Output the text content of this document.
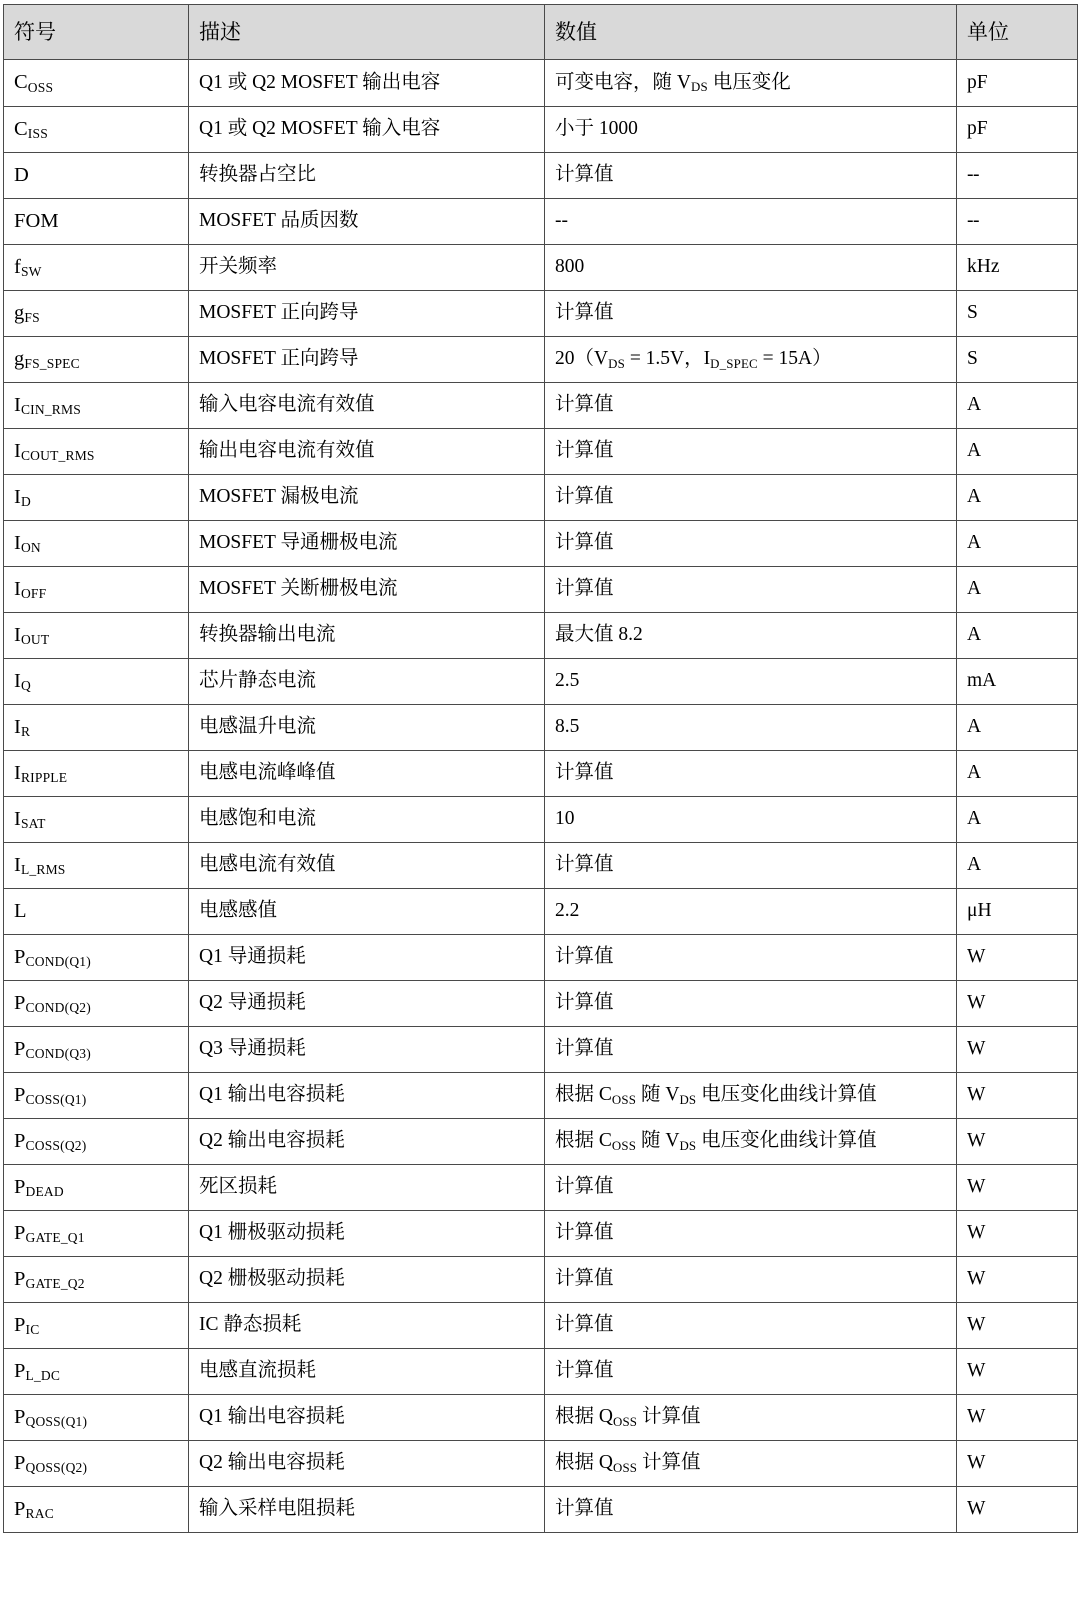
符号	描述	数值	单位
$C_{OSS}$	Q1 或 Q2 MOSFET 输出电容	可变电容，随 $V_{DS}$ 电压变化	pF
$C_{ISS}$	Q1 或 Q2 MOSFET 输入电容	小于 1000	pF
D	转换器占空比	计算值	--
FOM	MOSFET 品质因数	--	--
$f_{SW}$	开关频率	800	kHz
$g_{FS}$	MOSFET 正向跨导	计算值	S
$g_{FS\_SPEC}$	MOSFET 正向跨导	$20(V_{DS} = 1.5V$，$I_{D\_SPEC} = 15A$）	S
$I_{CIN\_RMS}$	输入电容电流有效值	计算值	A
$I_{COUT\_RMS}$	输出电容电流有效值	计算值	A
$I_D$	MOSFET 漏极电流	计算值	A
$I_{ON}$	MOSFET 导通栅极电流	计算值	A
$I_{OFF}$	MOSFET 关断栅极电流	计算值	A
$I_{OUT}$	转换器输出电流	最大值 8.2	A
$I_Q$	芯片静态电流	2.5	mA
$I_R$	电感温升电流	8.5	A
$I_{RIPPLE}$	电感电流峰峰值	计算值	A
$I_{SAT}$	电感饱和电流	10	A
$I_{L\_RMS}$	电感电流有效值	计算值	A
L	电感感值	2.2	μH
$P_{COND(Q1)}$	Q1 导通损耗	计算值	W
$P_{COND(Q2)}$	Q2 导通损耗	计算值	W
$P_{COND(Q3)}$	Q3 导通损耗	计算值	W
$P_{COSS(Q1)}$	Q1 输出电容损耗	根据 $C_{OSS}$ 随 $V_{DS}$ 电压变化曲线计算值	W
$P_{COSS(Q2)}$	Q2 输出电容损耗	根据 $C_{OSS}$ 随 $V_{DS}$ 电压变化曲线计算值	W
$P_{DEAD}$	死区损耗	计算值	W
$P_{GATE\_Q1}$	Q1 栅极驱动损耗	计算值	W
$P_{GATE\_Q2}$	Q2 栅极驱动损耗	计算值	W
$P_{IC}$	IC 静态损耗	计算值	W
$P_{L\_DC}$	电感直流损耗	计算值	W
$P_{QOSS(Q1)}$	Q1 输出电容损耗	根据 $Q_{OSS}$ 计算值	W
$P_{QOSS(Q2)}$	Q2 输出电容损耗	根据 $Q_{OSS}$ 计算值	W
$P_{RAC}$	输入采样电阻损耗	计算值	W
